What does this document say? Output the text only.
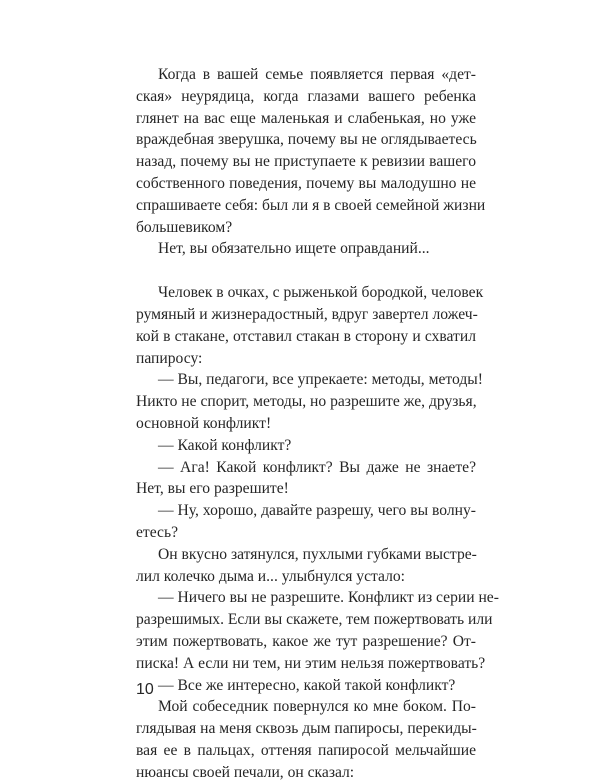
Когда в вашей семье появляется первая «дет-
ская» неурядица, когда глазами вашего ребенка
глянет на вас еще маленькая и слабенькая, но уже
враждебная зверушка, почему вы не оглядываетесь
назад, почему вы не приступаете к ревизии вашего
собственного поведения, почему вы малодушно не
спрашиваете себя: был ли я в своей семейной жизни
большевиком?
Нет, вы обязательно ищете оправданий...
Человек в очках, с рыженькой бородкой, человек
румяный и жизнерадостный, вдруг завертел ложеч-
кой в стакане, отставил стакан в сторону и схватил
папиросу:
— Вы, педагоги, все упрекаете: методы, методы!
Никто не спорит, методы, но разрешите же, друзья,
основной конфликт!
— Какой конфликт?
— Ага! Какой конфликт? Вы даже не знаете?
Нет, вы его разрешите!
— Ну, хорошо, давайте разрешу, чего вы волну-
етесь?
Он вкусно затянулся, пухлыми губками выстре-
лил колечко дыма и... улыбнулся устало:
— Ничего вы не разрешите. Конфликт из серии не-
разрешимых. Если вы скажете, тем пожертвовать или
этим пожертвовать, какое же тут разрешение? От-
писка! А если ни тем, ни этим нельзя пожертвовать?
— Все же интересно, какой такой конфликт?
Мой собеседник повернулся ко мне боком. По-
глядывая на меня сквозь дым папиросы, перекиды-
вая ее в пальцах, оттеняя папиросой мельчайшие
нюансы своей печали, он сказал:
10
